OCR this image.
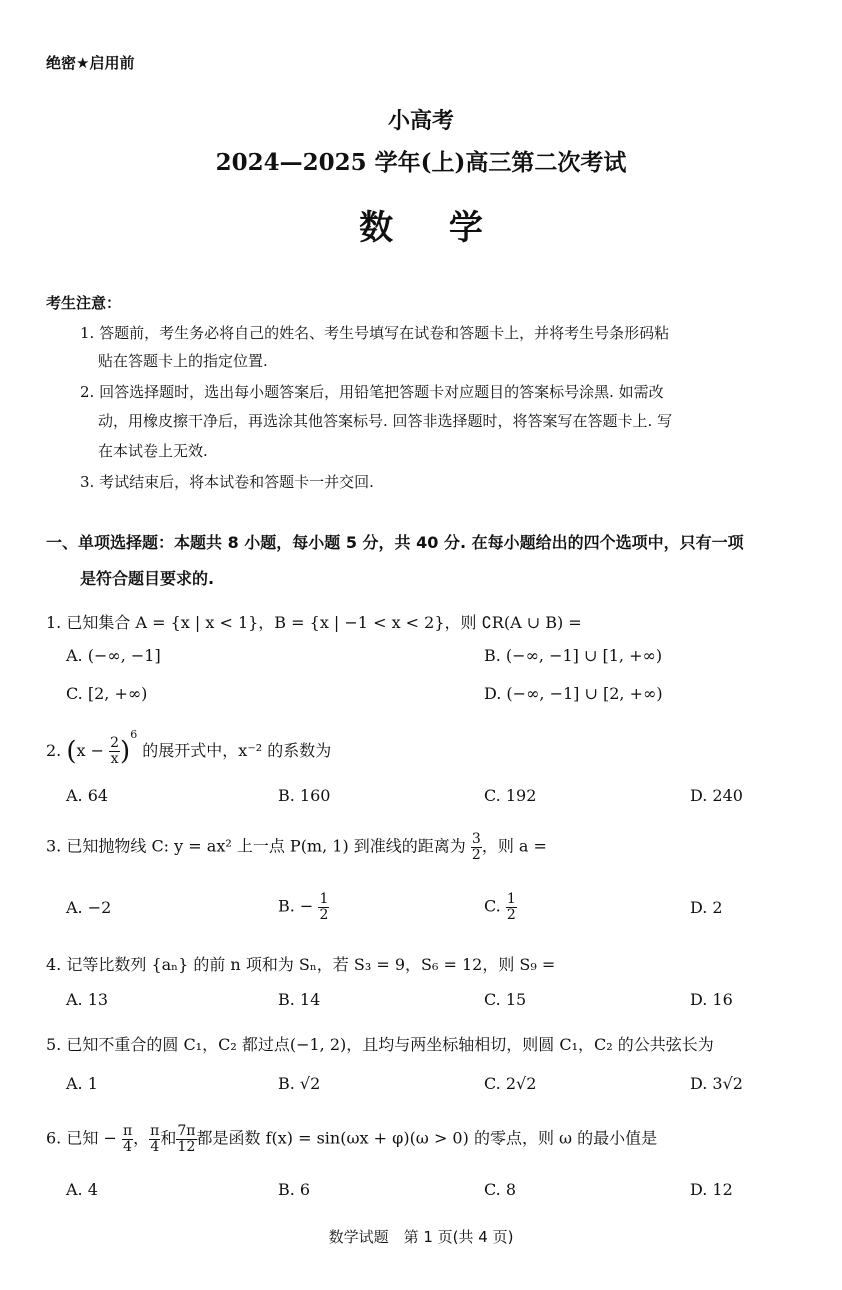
绝密★启用前
小高考
2024—2025 学年(上)高三第二次考试
数 学
考生注意：
1. 答题前，考生务必将自己的姓名、考生号填写在试卷和答题卡上，并将考生号条形码粘
贴在答题卡上的指定位置.
2. 回答选择题时，选出每小题答案后，用铅笔把答题卡对应题目的答案标号涂黑. 如需改
动，用橡皮擦干净后，再选涂其他答案标号. 回答非选择题时，将答案写在答题卡上. 写
在本试卷上无效.
3. 考试结束后，将本试卷和答题卡一并交回.
一、单项选择题：本题共 8 小题，每小题 5 分，共 40 分. 在每小题给出的四个选项中，只有一项
是符合题目要求的.
1. 已知集合 A = {x | x < 1}，B = {x | −1 < x < 2}，则 ∁R(A ∪ B) =
A. (−∞, −1]	B. (−∞, −1] ∪ [1, +∞)
C. [2, +∞)	D. (−∞, −1] ∪ [2, +∞)
2. $(x - \frac{2}{x} )^6$ 的展开式中，x⁻² 的系数为
A. 64	B. 160	C. 192	D. 240
3. 已知抛物线 C: y = ax² 上一点 P(m, 1) 到准线的距离为 $\frac{3}{2}$ ，则 a =
A. −2	B. − $\frac{1}{2}$	C. $\frac{1}{2}$	D. 2
4. 记等比数列 {aₙ} 的前 n 项和为 Sₙ，若 S₃ = 9，S₆ = 12，则 S₉ =
A. 13	B. 14	C. 15	D. 16
5. 已知不重合的圆 C₁，C₂ 都过点(−1, 2)，且均与两坐标轴相切，则圆 C₁，C₂ 的公共弦长为
A. 1	B. √2	C. 2√2	D. 3√2
6. 已知 − $\frac{\pi}{4}$ ， $\frac{\pi}{4}$ 和 $\frac{7\pi}{12}$ 都是函数 f(x) = sin(ωx + φ)(ω > 0) 的零点，则 ω 的最小值是
A. 4	B. 6	C. 8	D. 12
数学试题　第 1 页(共 4 页)
